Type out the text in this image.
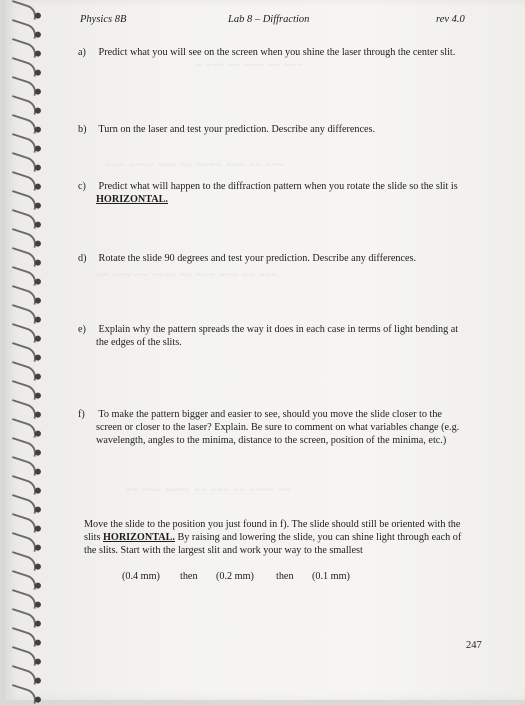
Physics 8B	Lab 8 – Diffraction	rev 4.0
~ ~~~ ~~ ~~~ ~~ ~~~
~~~ ~~~~ ~~~ ~~ ~~~~ ~~~ ~~ ~~~
~~ ~~~ ~~ ~~~~ ~~ ~~~ ~~~ ~~ ~~~
~~ ~~~ ~~~~ ~~ ~~~ ~~ ~~~~ ~~
a) Predict what you will see on the screen when you shine the laser through the center slit.
b) Turn on the laser and test your prediction. Describe any differences.
c) Predict what will happen to the diffraction pattern when you rotate the slide so the slit is HORIZONTAL.
d) Rotate the slide 90 degrees and test your prediction. Describe any differences.
e) Explain why the pattern spreads the way it does in each case in terms of light bending at the edges of the slits.
f) To make the pattern bigger and easier to see, should you move the slide closer to the screen or closer to the laser? Explain. Be sure to comment on what variables change (e.g. wavelength, angles to the minima, distance to the screen, position of the minima, etc.)
Move the slide to the position you just found in f). The slide should still be oriented with the slits HORIZONTAL. By raising and lowering the slide, you can shine light through each of the slits. Start with the largest slit and work your way to the smallest
(0.4 mm)	then	(0.2 mm)	then	(0.1 mm)
247
